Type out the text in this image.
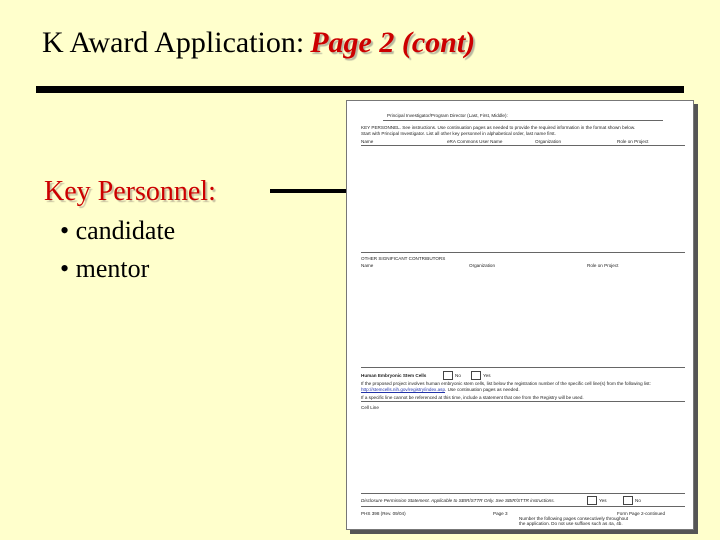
K Award Application: Page 2 (cont)
Key Personnel:
• candidate
• mentor
Principal Investigator/Program Director (Last, First, Middle):
KEY PERSONNEL. See instructions. Use continuation pages as needed to provide the required information in the format shown below.
Start with Principal Investigator. List all other key personnel in alphabetical order, last name first.
Name	eRA Commons User Name	Organization	Role on Project
OTHER SIGNIFICANT CONTRIBUTORS
Name	Organization	Role on Project
Human Embryonic Stem Cells	No	Yes
If the proposed project involves human embryonic stem cells, list below the registration number of the specific cell line(s) from the following list:
http://stemcells.nih.gov/registry/index.asp. Use continuation pages as needed.
If a specific line cannot be referenced at this time, include a statement that one from the Registry will be used.
Cell Line
Disclosure Permission Statement. Applicable to SBIR/STTR Only. See SBIR/STTR instructions.	Yes	No
PHS 398 (Rev. 09/04)	Page 3
Number the following pages consecutively throughout
the application. Do not use suffixes such as 4a, 4b.
Form Page 2-continued
